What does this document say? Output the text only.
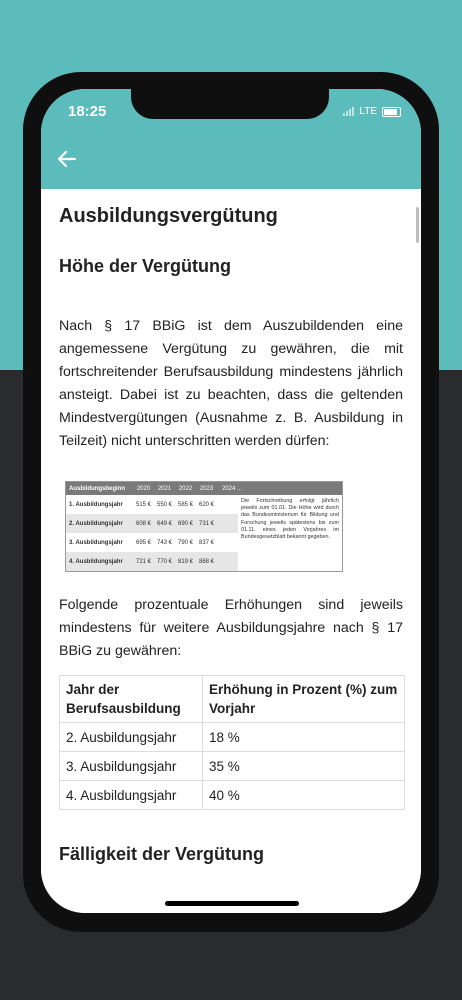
18:25	LTE
Ausbildungsvergütung
Höhe der Vergütung

Nach § 17 BBiG ist dem Auszubildenden eine angemessene Vergütung zu gewähren, die mit fortschreitender Berufsausbildung mindestens jährlich ansteigt. Dabei ist zu beachten, dass die geltenden Mindestvergütungen (Ausnahme z. B. Ausbildung in Teilzeit) nicht unterschritten werden dürfen:

Ausbildungsbeginn	2020	2021	2022	2023	2024 ...
1. Ausbildungsjahr	515 € 550 € 585 € 620 €
2. Ausbildungsjahr	608 € 649 € 690 € 731 €
3. Ausbildungsjahr	695 € 743 € 790 € 837 €
4. Ausbildungsjahr	721 € 770 € 819 € 868 €
Die Fortschreibung erfolgt jährlich jeweils zum 01.01. Die Höhe wird durch das Bundesministerium für Bildung und Forschung jeweils spätestens bis zum 01.11. eines jeden Vorjahres im Bundesgesetzblatt bekannt gegeben.

Folgende prozentuale Erhöhungen sind jeweils mindestens für weitere Ausbildungsjahre nach § 17 BBiG zu gewähren:

Jahr der Berufsausbildung	Erhöhung in Prozent (%) zum Vorjahr
2. Ausbildungsjahr	18 %
3. Ausbildungsjahr	35 %
4. Ausbildungsjahr	40 %
Fälligkeit der Vergütung
